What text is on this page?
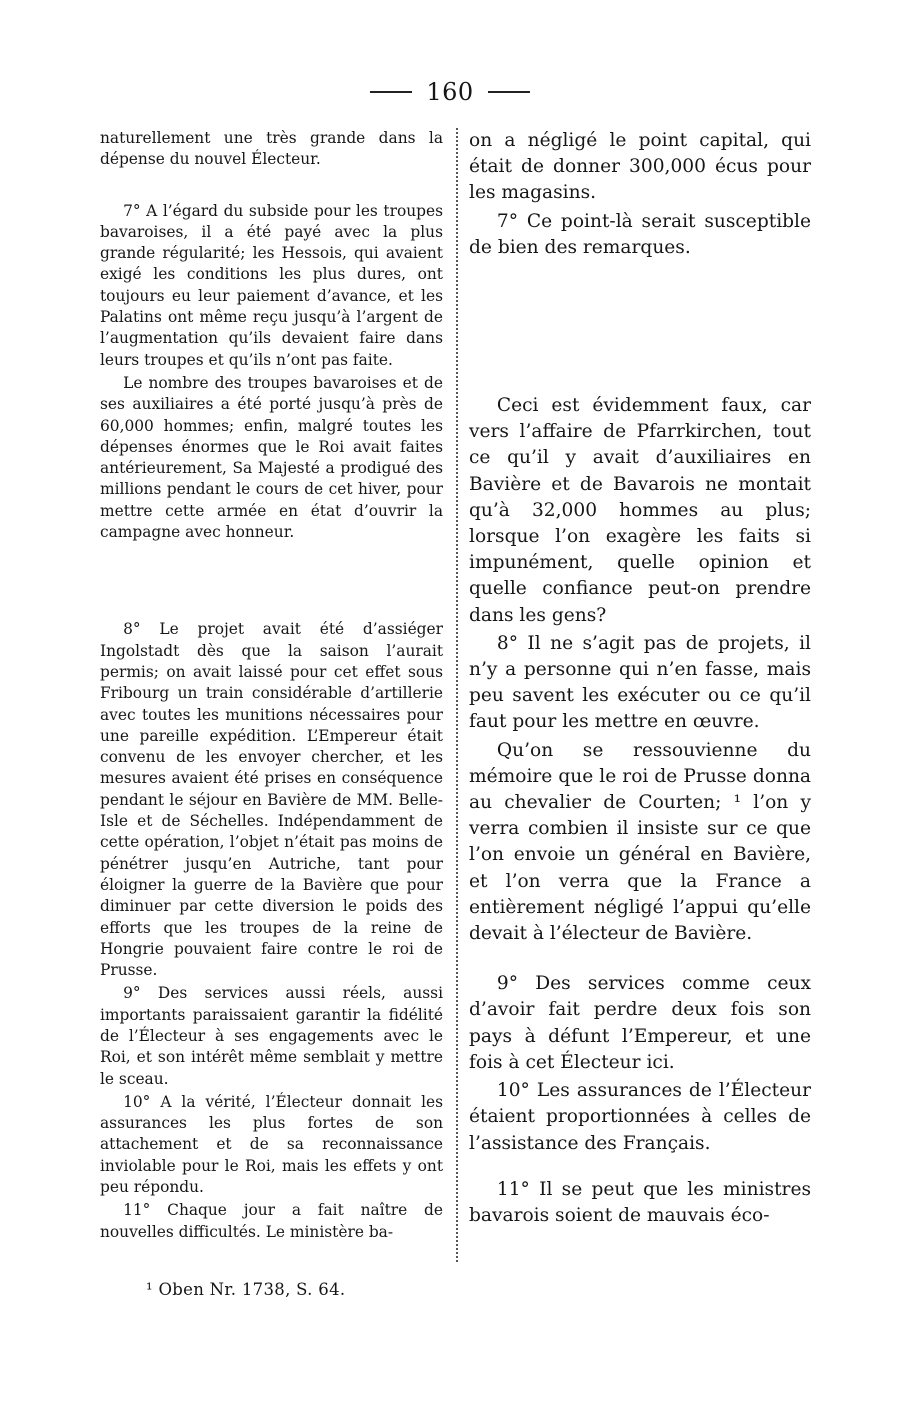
160

naturellement une très grande dans la dépense du nouvel Électeur.

7° A l’égard du subside pour les troupes bavaroises, il a été payé avec la plus grande régularité; les Hessois, qui avaient exigé les conditions les plus dures, ont toujours eu leur paiement d’avance, et les Palatins ont même reçu jusqu’à l’argent de l’augmentation qu’ils devaient faire dans leurs troupes et qu’ils n’ont pas faite.

Le nombre des troupes bavaroises et de ses auxiliaires a été porté jusqu’à près de 60,000 hommes; enfin, malgré toutes les dépenses énormes que le Roi avait faites antérieurement, Sa Majesté a prodigué des millions pendant le cours de cet hiver, pour mettre cette armée en état d’ouvrir la campagne avec honneur.

8° Le projet avait été d’assiéger Ingolstadt dès que la saison l’aurait permis; on avait laissé pour cet effet sous Fribourg un train considérable d’artillerie avec toutes les munitions nécessaires pour une pareille expédition. L’Empereur était convenu de les envoyer chercher, et les mesures avaient été prises en conséquence pendant le séjour en Bavière de MM. Belle-Isle et de Séchelles. Indépendamment de cette opération, l’objet n’était pas moins de pénétrer jusqu’en Autriche, tant pour éloigner la guerre de la Bavière que pour diminuer par cette diversion le poids des efforts que les troupes de la reine de Hongrie pouvaient faire contre le roi de Prusse.

9° Des services aussi réels, aussi importants paraissaient garantir la fidélité de l’Électeur à ses engagements avec le Roi, et son intérêt même semblait y mettre le sceau.

10° A la vérité, l’Électeur donnait les assurances les plus fortes de son attachement et de sa reconnaissance inviolable pour le Roi, mais les effets y ont peu répondu.

11° Chaque jour a fait naître de nouvelles difficultés. Le ministère ba-

on a négligé le point capital, qui était de donner 300,000 écus pour les magasins.

7° Ce point-là serait susceptible de bien des remarques.

Ceci est évidemment faux, car vers l’affaire de Pfarrkirchen, tout ce qu’il y avait d’auxiliaires en Bavière et de Bavarois ne montait qu’à 32,000 hommes au plus; lorsque l’on exagère les faits si impunément, quelle opinion et quelle confiance peut-on prendre dans les gens?

8° Il ne s’agit pas de projets, il n’y a personne qui n’en fasse, mais peu savent les exécuter ou ce qu’il faut pour les mettre en œuvre.

Qu’on se ressouvienne du mémoire que le roi de Prusse donna au chevalier de Courten; ¹ l’on y verra combien il insiste sur ce que l’on envoie un général en Bavière, et l’on verra que la France a entièrement négligé l’appui qu’elle devait à l’électeur de Bavière.

9° Des services comme ceux d’avoir fait perdre deux fois son pays à défunt l’Empereur, et une fois à cet Électeur ici.

10° Les assurances de l’Électeur étaient proportionnées à celles de l’assistance des Français.

11° Il se peut que les ministres bavarois soient de mauvais éco-

¹ Oben Nr. 1738, S. 64.
